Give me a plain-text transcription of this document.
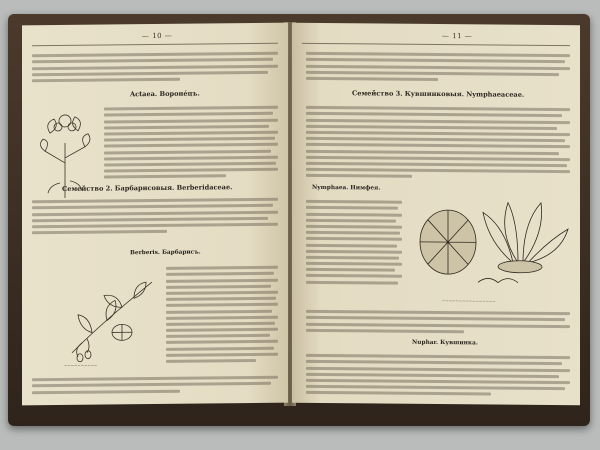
— 10 —
Actaea. Вороне́цъ.
Семейство 2. Барбарисовыя. Berberidaceae.
Berberis. Барбарисъ.
~~~~~~~~~~
— 11 —
Семейство 3. Кувшинковыя. Nymphaeaceae.
Nymphaea. Нимфея.
~~~~~~~~~~~~~~~~
Nuphar. Кувшинка.
